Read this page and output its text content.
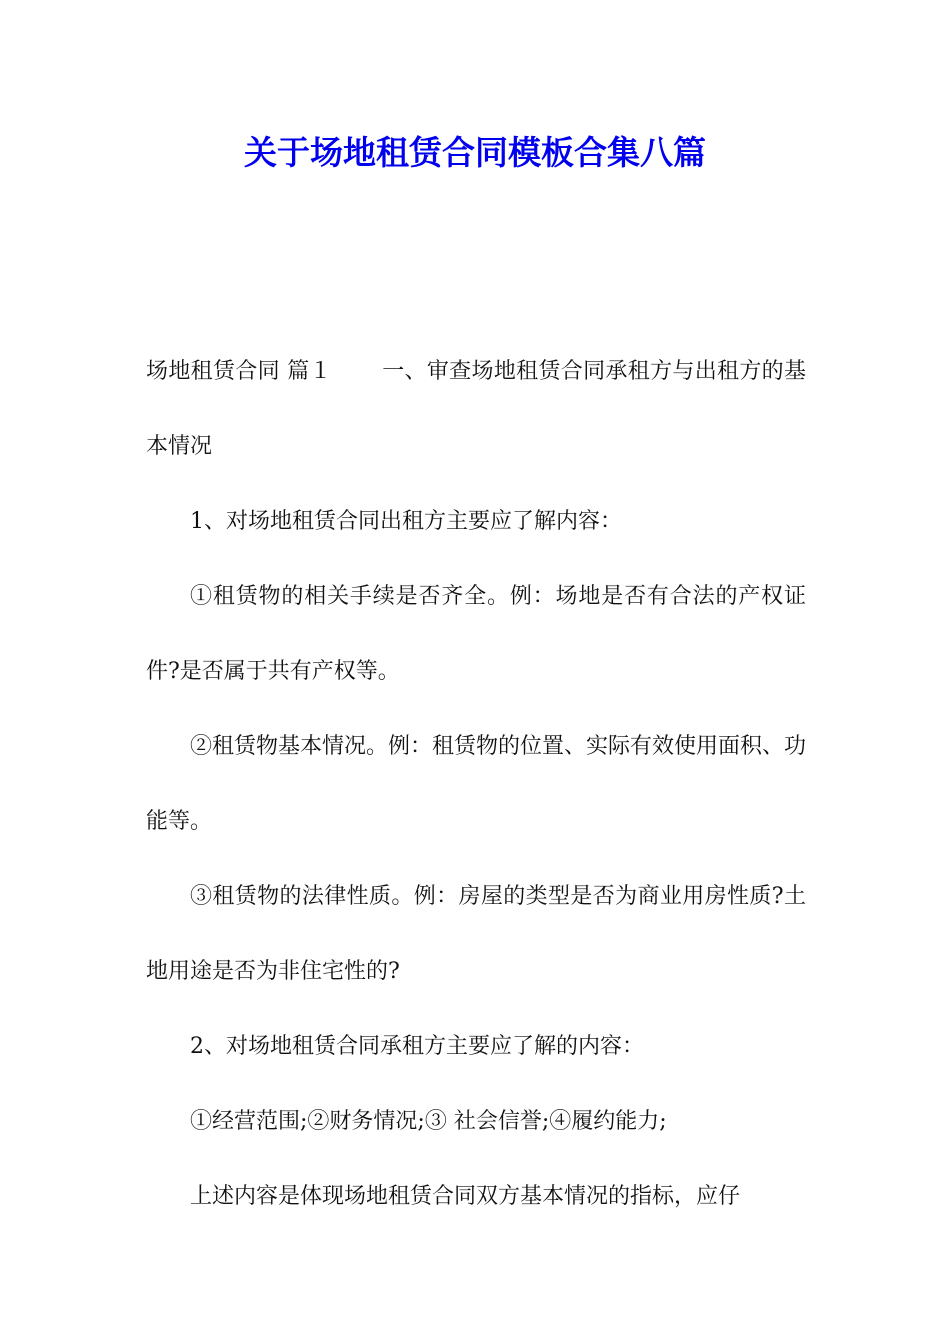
关于场地租赁合同模板合集八篇

场地租赁合同 篇１ 一、审查场地租赁合同承租方与出租方的基本情况

1、对场地租赁合同出租方主要应了解内容：

①租赁物的相关手续是否齐全。例：场地是否有合法的产权证件?是否属于共有产权等。

②租赁物基本情况。例：租赁物的位置、实际有效使用面积、功能等。

③租赁物的法律性质。例：房屋的类型是否为商业用房性质?土地用途是否为非住宅性的?

2、对场地租赁合同承租方主要应了解的内容：

①经营范围;②财务情况;③ 社会信誉;④履约能力;

上述内容是体现场地租赁合同双方基本情况的指标，应仔
